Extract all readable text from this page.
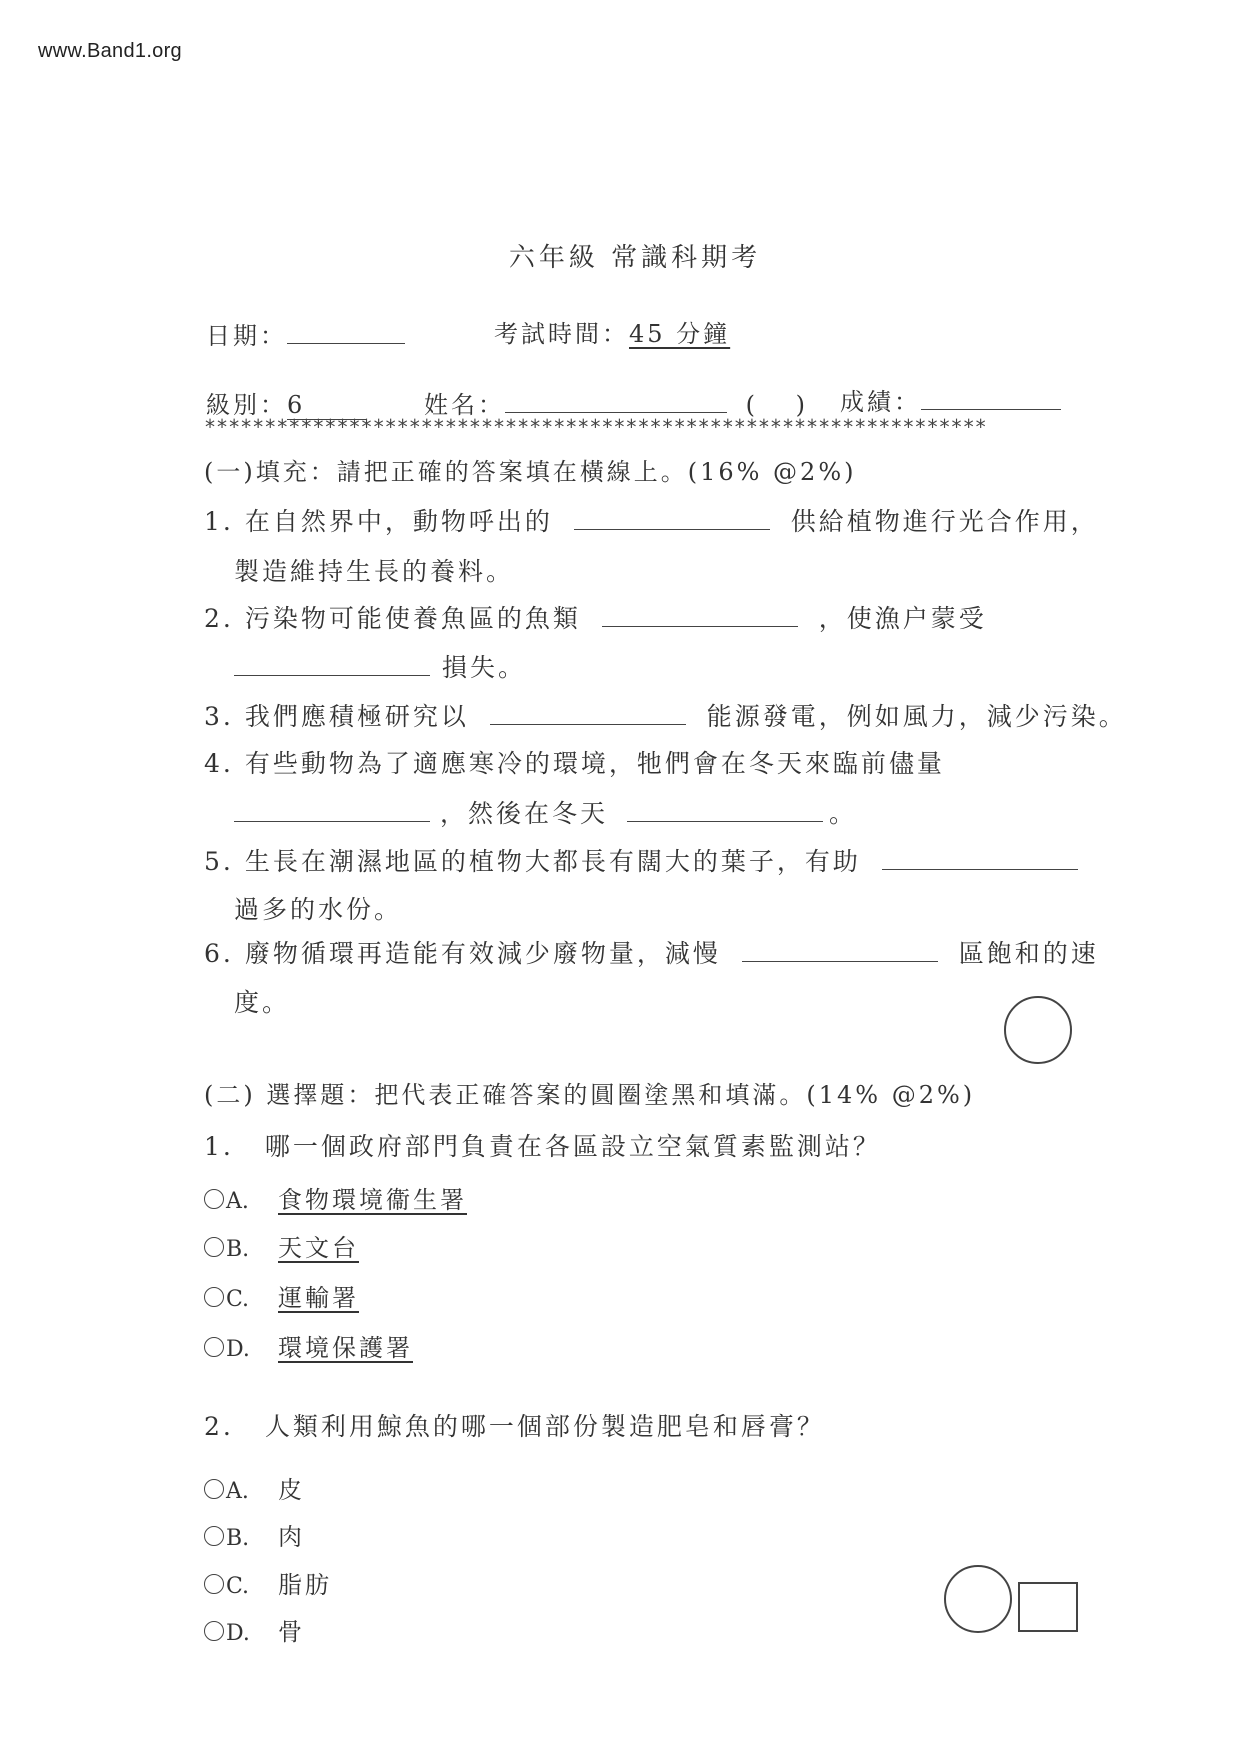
www.Band1.org
六年級 常識科期考
日期：	考試時間：45 分鐘
級別：6	姓名：	(　 ) 成績：
*****************************************************************
(一)填充：請把正確的答案填在橫線上。(16% @2%)
1. 在自然界中，動物呼出的	供給植物進行光合作用，
製造維持生長的養料。
2. 污染物可能使養魚區的魚類	，使漁户蒙受
損失。
3. 我們應積極研究以	能源發電，例如風力，減少污染。
4. 有些動物為了適應寒冷的環境，牠們會在冬天來臨前儘量
，然後在冬天	。
5. 生長在潮濕地區的植物大都長有闊大的葉子，有助
過多的水份。
6. 廢物循環再造能有效減少廢物量，減慢	區飽和的速
度。
(二) 選擇題：把代表正確答案的圓圈塗黑和填滿。(14% @2%)
1. 哪一個政府部門負責在各區設立空氣質素監測站？
A. 食物環境衞生署
B. 天文台
C. 運輸署
D. 環境保護署
2. 人類利用鯨魚的哪一個部份製造肥皂和唇膏？
A. 皮
B. 肉
C. 脂肪
D. 骨
